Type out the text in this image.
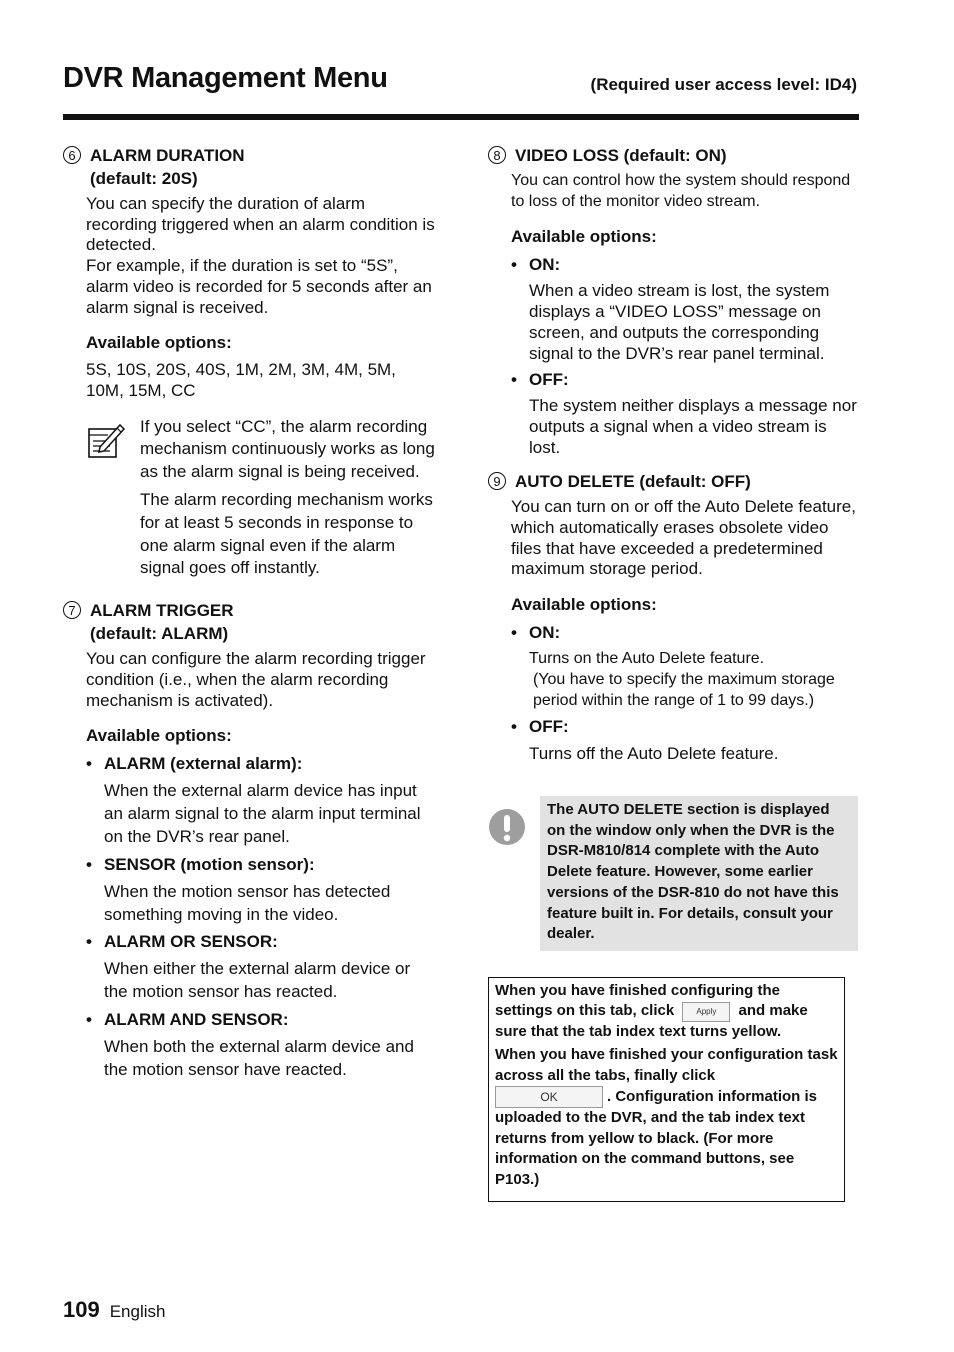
DVR Management Menu	(Required user access level: ID4)
6 ALARM DURATION
(default: 20S)
You can specify the duration of alarm recording triggered when an alarm condition is detected.
For example, if the duration is set to “5S”, alarm video is recorded for 5 seconds after an alarm signal is received.
Available options:
5S, 10S, 20S, 40S, 1M, 2M, 3M, 4M, 5M, 10M, 15M, CC

If you select “CC”, the alarm recording mechanism continuously works as long as the alarm signal is being received.

The alarm recording mechanism works for at least 5 seconds in response to one alarm signal even if the alarm signal goes off instantly.

7 ALARM TRIGGER
(default: ALARM)
You can configure the alarm recording trigger condition (i.e., when the alarm recording mechanism is activated).
Available options:
• ALARM (external alarm):
When the external alarm device has input an alarm signal to the alarm input terminal on the DVR’s rear panel.
• SENSOR (motion sensor):
When the motion sensor has detected something moving in the video.
• ALARM OR SENSOR:
When either the external alarm device or the motion sensor has reacted.
• ALARM AND SENSOR:
When both the external alarm device and the motion sensor have reacted.
8 VIDEO LOSS (default: ON)
You can control how the system should respond to loss of the monitor video stream.
Available options:
• ON:
When a video stream is lost, the system displays a “VIDEO LOSS” message on screen, and outputs the corresponding signal to the DVR’s rear panel terminal.
• OFF:
The system neither displays a message nor outputs a signal when a video stream is lost.
9 AUTO DELETE (default: OFF)
You can turn on or off the Auto Delete feature, which automatically erases obsolete video files that have exceeded a predetermined maximum storage period.
Available options:
• ON:
Turns on the Auto Delete feature.
(You have to specify the maximum storage period within the range of 1 to 99 days.)
• OFF:
Turns off the Auto Delete feature.
The AUTO DELETE section is displayed on the window only when the DVR is the DSR-M810/814 complete with the Auto Delete feature. However, some earlier versions of the DSR-810 do not have this feature built in. For details, consult your dealer.

When you have finished configuring the settings on this tab, click	Apply and make sure that the tab index text turns yellow.

When you have finished your configuration task across all the tabs, finally click
OK	. Configuration information is uploaded to the DVR, and the tab index text returns from yellow to black. (For more information on the command buttons, see P103.)

109 English
